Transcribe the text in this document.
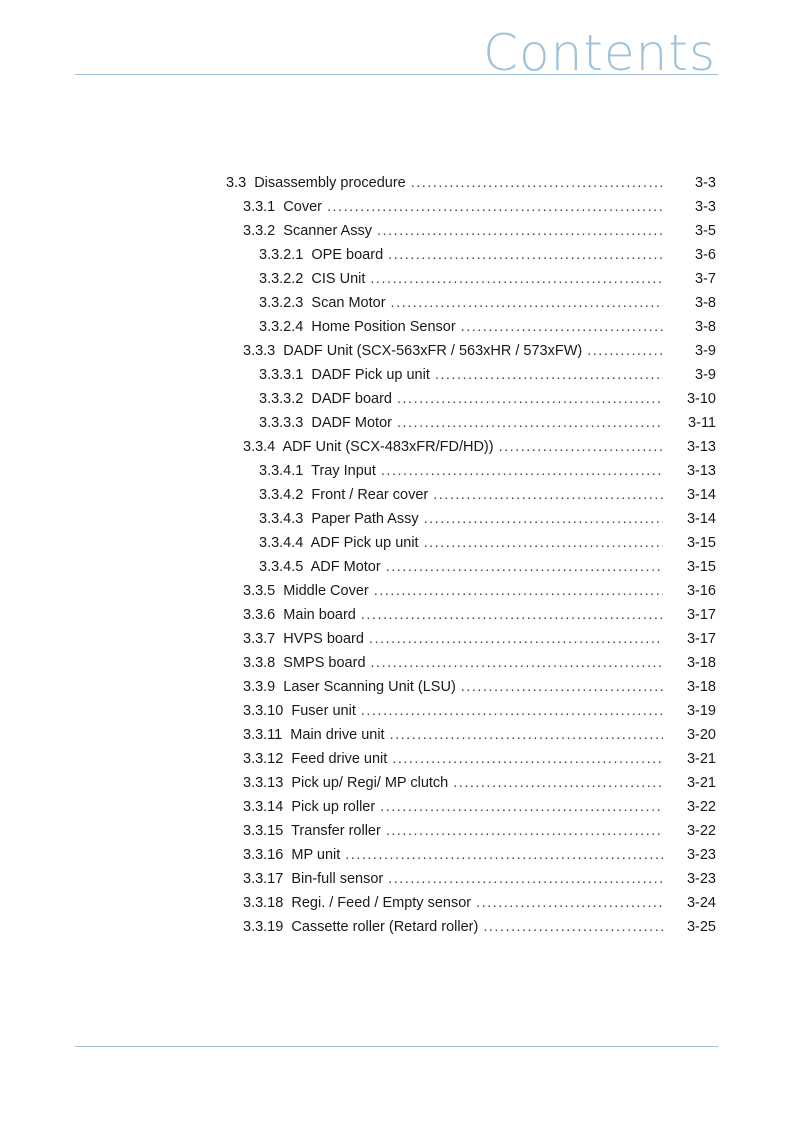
Contents
3.3  Disassembly procedure .....	3-3
3.3.1  Cover .....	3-3
3.3.2  Scanner Assy .....	3-5
3.3.2.1  OPE board .....	3-6
3.3.2.2  CIS Unit .....	3-7
3.3.2.3  Scan Motor .....	3-8
3.3.2.4  Home Position Sensor .....	3-8
3.3.3  DADF Unit (SCX-563xFR / 563xHR / 573xFW) .....	3-9
3.3.3.1  DADF Pick up unit .....	3-9
3.3.3.2  DADF board .....	3-10
3.3.3.3  DADF Motor .....	3-11
3.3.4  ADF Unit (SCX-483xFR/FD/HD)) .....	3-13
3.3.4.1  Tray Input .....	3-13
3.3.4.2  Front / Rear cover .....	3-14
3.3.4.3  Paper Path Assy .....	3-14
3.3.4.4  ADF Pick up unit .....	3-15
3.3.4.5  ADF Motor .....	3-15
3.3.5  Middle Cover .....	3-16
3.3.6  Main board .....	3-17
3.3.7  HVPS board .....	3-17
3.3.8  SMPS board .....	3-18
3.3.9  Laser Scanning Unit (LSU) .....	3-18
3.3.10  Fuser unit .....	3-19
3.3.11  Main drive unit .....	3-20
3.3.12  Feed drive unit .....	3-21
3.3.13  Pick up/ Regi/ MP clutch .....	3-21
3.3.14  Pick up roller .....	3-22
3.3.15  Transfer roller .....	3-22
3.3.16  MP unit .....	3-23
3.3.17  Bin-full sensor .....	3-23
3.3.18  Regi. / Feed / Empty sensor .....	3-24
3.3.19  Cassette roller (Retard roller) .....	3-25
